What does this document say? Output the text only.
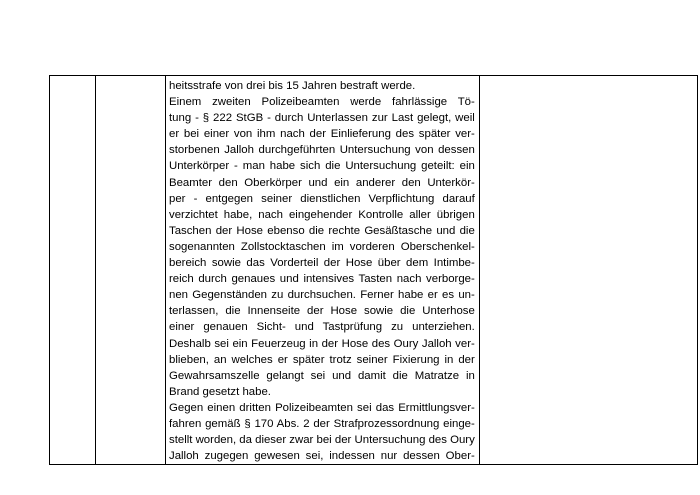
heitsstrafe von drei bis 15 Jahren bestraft werde.
Einem zweiten Polizeibeamten werde fahrlässige Tö-
tung - § 222 StGB - durch Unterlassen zur Last gelegt, weil
er bei einer von ihm nach der Einlieferung des später ver-
storbenen Jalloh durchgeführten Untersuchung von dessen
Unterkörper - man habe sich die Untersuchung geteilt: ein
Beamter den Oberkörper und ein anderer den Unterkör-
per - entgegen seiner dienstlichen Verpflichtung darauf
verzichtet habe, nach eingehender Kontrolle aller übrigen
Taschen der Hose ebenso die rechte Gesäßtasche und die
sogenannten Zollstocktaschen im vorderen Oberschenkel-
bereich sowie das Vorderteil der Hose über dem Intimbe-
reich durch genaues und intensives Tasten nach verborge-
nen Gegenständen zu durchsuchen. Ferner habe er es un-
terlassen, die Innenseite der Hose sowie die Unterhose
einer genauen Sicht- und Tastprüfung zu unterziehen.
Deshalb sei ein Feuerzeug in der Hose des Oury Jalloh ver-
blieben, an welches er später trotz seiner Fixierung in der
Gewahrsamszelle gelangt sei und damit die Matratze in
Brand gesetzt habe.
Gegen einen dritten Polizeibeamten sei das Ermittlungsver-
fahren gemäß § 170 Abs. 2 der Strafprozessordnung einge-
stellt worden, da dieser zwar bei der Untersuchung des Oury
Jalloh zugegen gewesen sei, indessen nur dessen Ober-
